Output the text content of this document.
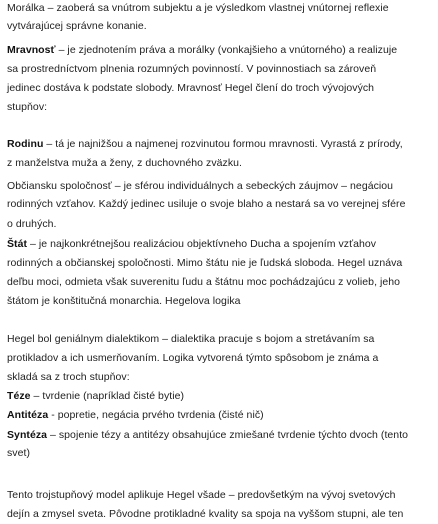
Morálka – zaoberá sa vnútrom subjektu a je výsledkom vlastnej vnútornej reflexie
vytvárajúcej správne konanie.
Mravnosť – je zjednotením práva a morálky (vonkajšieho a vnútorného) a realizuje
sa prostredníctvom plnenia rozumných povinností. V povinnostiach sa zároveň
jedinec dostáva k podstate slobody. Mravnosť Hegel člení do troch vývojových
stupňov:
Rodinu – tá je najnižšou a najmenej rozvinutou formou mravnosti. Vyrastá z prírody,
z manželstva muža a ženy, z duchovného zväzku.
Občiansku spoločnosť – je sférou individuálnych a sebeckých záujmov – negáciou
rodinných vzťahov. Každý jedinec usiluje o svoje blaho a nestará sa vo verejnej sfére
o druhých.
Štát – je najkonkrétnejšou realizáciou objektívneho Ducha a spojením vzťahov
rodinných a občianskej spoločnosti. Mimo štátu nie je ľudská sloboda. Hegel uznáva
deľbu moci, odmieta však suverenitu ľudu a štátnu moc pochádzajúcu z volieb, jeho
štátom je konštitučná monarchia. Hegelova logika
Hegel bol geniálnym dialektikom – dialektika pracuje s bojom a stretávaním sa
protikladov a ich usmerňovaním. Logika vytvorená týmto spôsobom je známa a
skladá sa z troch stupňov:
Téze – tvrdenie (napríklad čisté bytie)
Antitéza - popretie, negácia prvého tvrdenia (čisté nič)
Syntéza – spojenie tézy a antitézy obsahujúce zmiešané tvrdenie týchto dvoch (tento
svet)
Tento trojstupňový model aplikuje Hegel všade – predovšetkým na vývoj svetových
dejín a zmysel sveta. Pôvodne protikladné kvality sa spoja na vyššom stupni, ale ten
